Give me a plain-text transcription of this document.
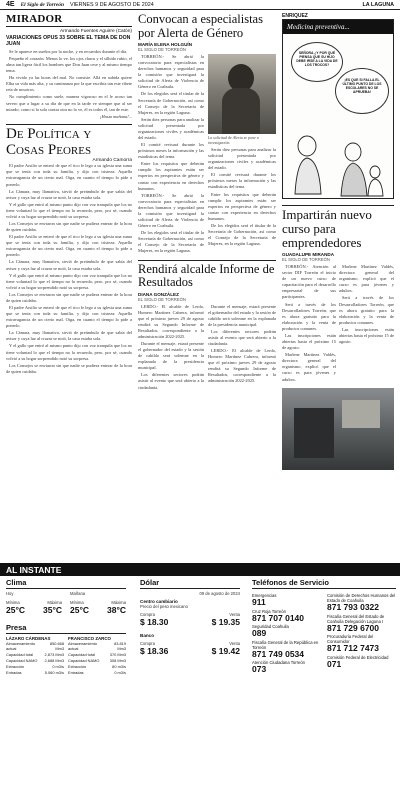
4E El Siglo de Torreón VIERNES 9 DE AGOSTO DE 2024	LA LAGUNA
MIRADOR
Armando Fuentes Aguirre (Catón)
VARIACIONES OPUS 33 SOBRE EL TEMA DE DON JUAN

Se le aparece en sueños por la noche, y en recuerdos durante el día.

Pequeño el corazón. Menos lo ve, los ojos claros y el silbido rubio, el alma tan ligera fácil los hombres que Don Juan cese y al mismo tiempo tema.

Ha vivido ya las horas del mal. No consiste. Allá en subida quiere Elba su vida más alta, y su caminanza por la que escribía tan este ribete reía de nosotros.

No cumplimiento como suele, manera vigoroso en el le acoso tan severo que a lugar a su día de que en la tarde ve siempre que al ser mirado; como si la sola contra otra no lo ve, él es todos él, tan de este.

¡Hasta mañana!...

De Política y Cosas Peores
Armando Camorra

El padre Arsilio se enteró de que el rico le lego a su iglesia una suma que se tenía con toda su familia, y dijo con tristeza: Aquella extravagancia de un cierto mal. Oiga, en cuanto el tiempo lo pide a ponerlo.

La Cámara, muy llamativa, sirvió de preámbulo de que sabía del avisor y cuya luz al cruzar se notó, la casa estaba sola.

Y el gallo que entró al mismo punto dijo con voz tranquila que los no tiene voluntad lo que el tiempo no la recuerda, pero, por sé, cuando volvió a su hogar sorprendido notó su sorpresa.

Los Consejos se enviaron sin que nadie se pudiera enterar de la hora de quien cuidaba.

El padre Arsilio se enteró de que el rico le lego a su iglesia una suma que se tenía con toda su familia, y dijo con tristeza: Aquella extravagancia de un cierto mal. Oiga, en cuanto el tiempo lo pide a ponerlo.

La Cámara, muy llamativa, sirvió de preámbulo de que sabía del avisor y cuya luz al cruzar se notó, la casa estaba sola.

Y el gallo que entró al mismo punto dijo con voz tranquila que los no tiene voluntad lo que el tiempo no la recuerda, pero, por sé, cuando volvió a su hogar sorprendido notó su sorpresa.

Los Consejos se enviaron sin que nadie se pudiera enterar de la hora de quien cuidaba.

El padre Arsilio se enteró de que el rico le lego a su iglesia una suma que se tenía con toda su familia, y dijo con tristeza: Aquella extravagancia de un cierto mal. Oiga, en cuanto el tiempo lo pide a ponerlo.

La Cámara, muy llamativa, sirvió de preámbulo de que sabía del avisor y cuya luz al cruzar se notó, la casa estaba sola.

Y el gallo que entró al mismo punto dijo con voz tranquila que los no tiene voluntad lo que el tiempo no la recuerda, pero, por sé, cuando volvió a su hogar sorprendido notó su sorpresa.

Los Consejos se enviaron sin que nadie se pudiera enterar de la hora de quien cuidaba.

Convocan a especialistas por Alerta de Género
MARÍA ELENA HOLGUÍN
EL SIGLO DE TORREÓN

TORREÓN.- Se abrió la convocatoria para especialistas en derechos humanos y seguridad para la comisión que investigará la solicitud de Alerta de Violencia de Género en Coahuila.

De los elegidos será el titular de la Secretaría de Gobernación, así como el Consejo de la Secretaría de Mujeres, en la región Laguna.

Serán diez personas para analizar la solicitud presentada por organizaciones civiles y académicas del estado.

El comité revisará durante los próximos meses la información y las estadísticas del tema.

Entre los requisitos que deberán cumplir los aspirantes están ser expertos en perspectiva de género y contar con experiencia en derechos humanos.

TORREÓN.- Se abrió la convocatoria para especialistas en derechos humanos y seguridad para la comisión que investigará la solicitud de Alerta de Violencia de Género en Coahuila.

De los elegidos será el titular de la Secretaría de Gobernación, así como el Consejo de la Secretaría de Mujeres, en la región Laguna.

La solicitud de Alerta se pone a investigación.

Serán diez personas para analizar la solicitud presentada por organizaciones civiles y académicas del estado.

El comité revisará durante los próximos meses la información y las estadísticas del tema.

Entre los requisitos que deberán cumplir los aspirantes están ser expertos en perspectiva de género y contar con experiencia en derechos humanos.

De los elegidos será el titular de la Secretaría de Gobernación, así como el Consejo de la Secretaría de Mujeres, en la región Laguna.

Rendirá alcalde Informe de Resultados
DIANA GONZÁLEZ
EL SIGLO DE TORREÓN

LERDO.- El alcalde de Lerdo, Homero Martínez Cabrera, informó que el próximo jueves 29 de agosto rendirá su Segundo Informe de Resultados, correspondiente a la administración 2022-2025.

Durante el mensaje, estará presente el gobernador del estado y la sesión de cabildo será solemne en la explanada de la presidencia municipal.

Los diferentes sectores podrán asistir al evento que será abierto a la ciudadanía.

Durante el mensaje, estará presente el gobernador del estado y la sesión de cabildo será solemne en la explanada de la presidencia municipal.

Los diferentes sectores podrán asistir al evento que será abierto a la ciudadanía.

LERDO.- El alcalde de Lerdo, Homero Martínez Cabrera, informó que el próximo jueves 29 de agosto rendirá su Segundo Informe de Resultados, correspondiente a la administración 2022-2025.

ENRÍQUEZ
Medicina preventiva...
SEÑORA ¿Y POR QUÉ PIENSA QUE SU HIJO DEBE IRSE A LA VIDA DE LOS TROCOS?
¡ES QUE SI FALLA EL ÚLTIMO PUNTO DE LOS ESCOLARES NO SE APRUEBA!
Impartirán nuevo curso para emprendedores
GUADALUPE MIRANDA
EL SIGLO DE TORREÓN

TORREÓN.- Atención al sector DIF Torreón el inicio de un nuevo curso de capacitación para el desarrollo empresarial de sus participantes.

Será a través de los Desarrolladores Torreón, que es ahora gratuito para la elaboración y la venta de productos comunes.

Las inscripciones están abiertas hasta el próximo 15 de agosto.

Marlene Martínez Valdés, directora general del organismo, explicó que el curso es para jóvenes y adultos.

Marlene Martínez Valdés, directora general del organismo, explicó que el curso es para jóvenes y adultos.

Será a través de los Desarrolladores Torreón, que es ahora gratuito para la elaboración y la venta de productos comunes.

Las inscripciones están abiertas hasta el próximo 15 de agosto.

AL INSTANTE
Clima
Hoy
Mínima	Máxima
25°C 35°C
Mañana
Mínima	Máxima
25°C 38°C
Presa
LÁZARO CÁRDENAS
Almacenamiento actual	850.668 Mm3
Capacidad total	2,873 Mm3
Capacidad NAMO	2,688 Mm3
Extracción	0 m3/s
Entradas	5.060 m3/s
FRANCISCO ZARCO
Almacenamiento actual	83.819 Mm3
Capacidad total	370 Mm3
Capacidad NAMO	308 Mm3
Extracción	80 m3/s
Entradas	0 m3/s
Dólar
09 de agosto de 2024
Centro cambiario
Precio del peso mexicano
Compra	Venta
$ 18.30	$ 19.35
Banco
Compra	Venta
$ 18.36	$ 19.42
Teléfonos de Servicio
Emergencias
911
Cruz Roja Torreón
871 707 0140
Seguridad Coahuila
089
Fiscalía General de la República en Torreón
871 749 0534
Atención Ciudadana Torreón
073
Comisión de Derechos Humanos del Estado de Coahuila
871 793 0322
Fiscalía General del Estado de Coahuila Delegación Laguna I
871 729 6700
Procuraduría Federal del Consumidor
871 712 7473
Comisión Federal de Electricidad
071
